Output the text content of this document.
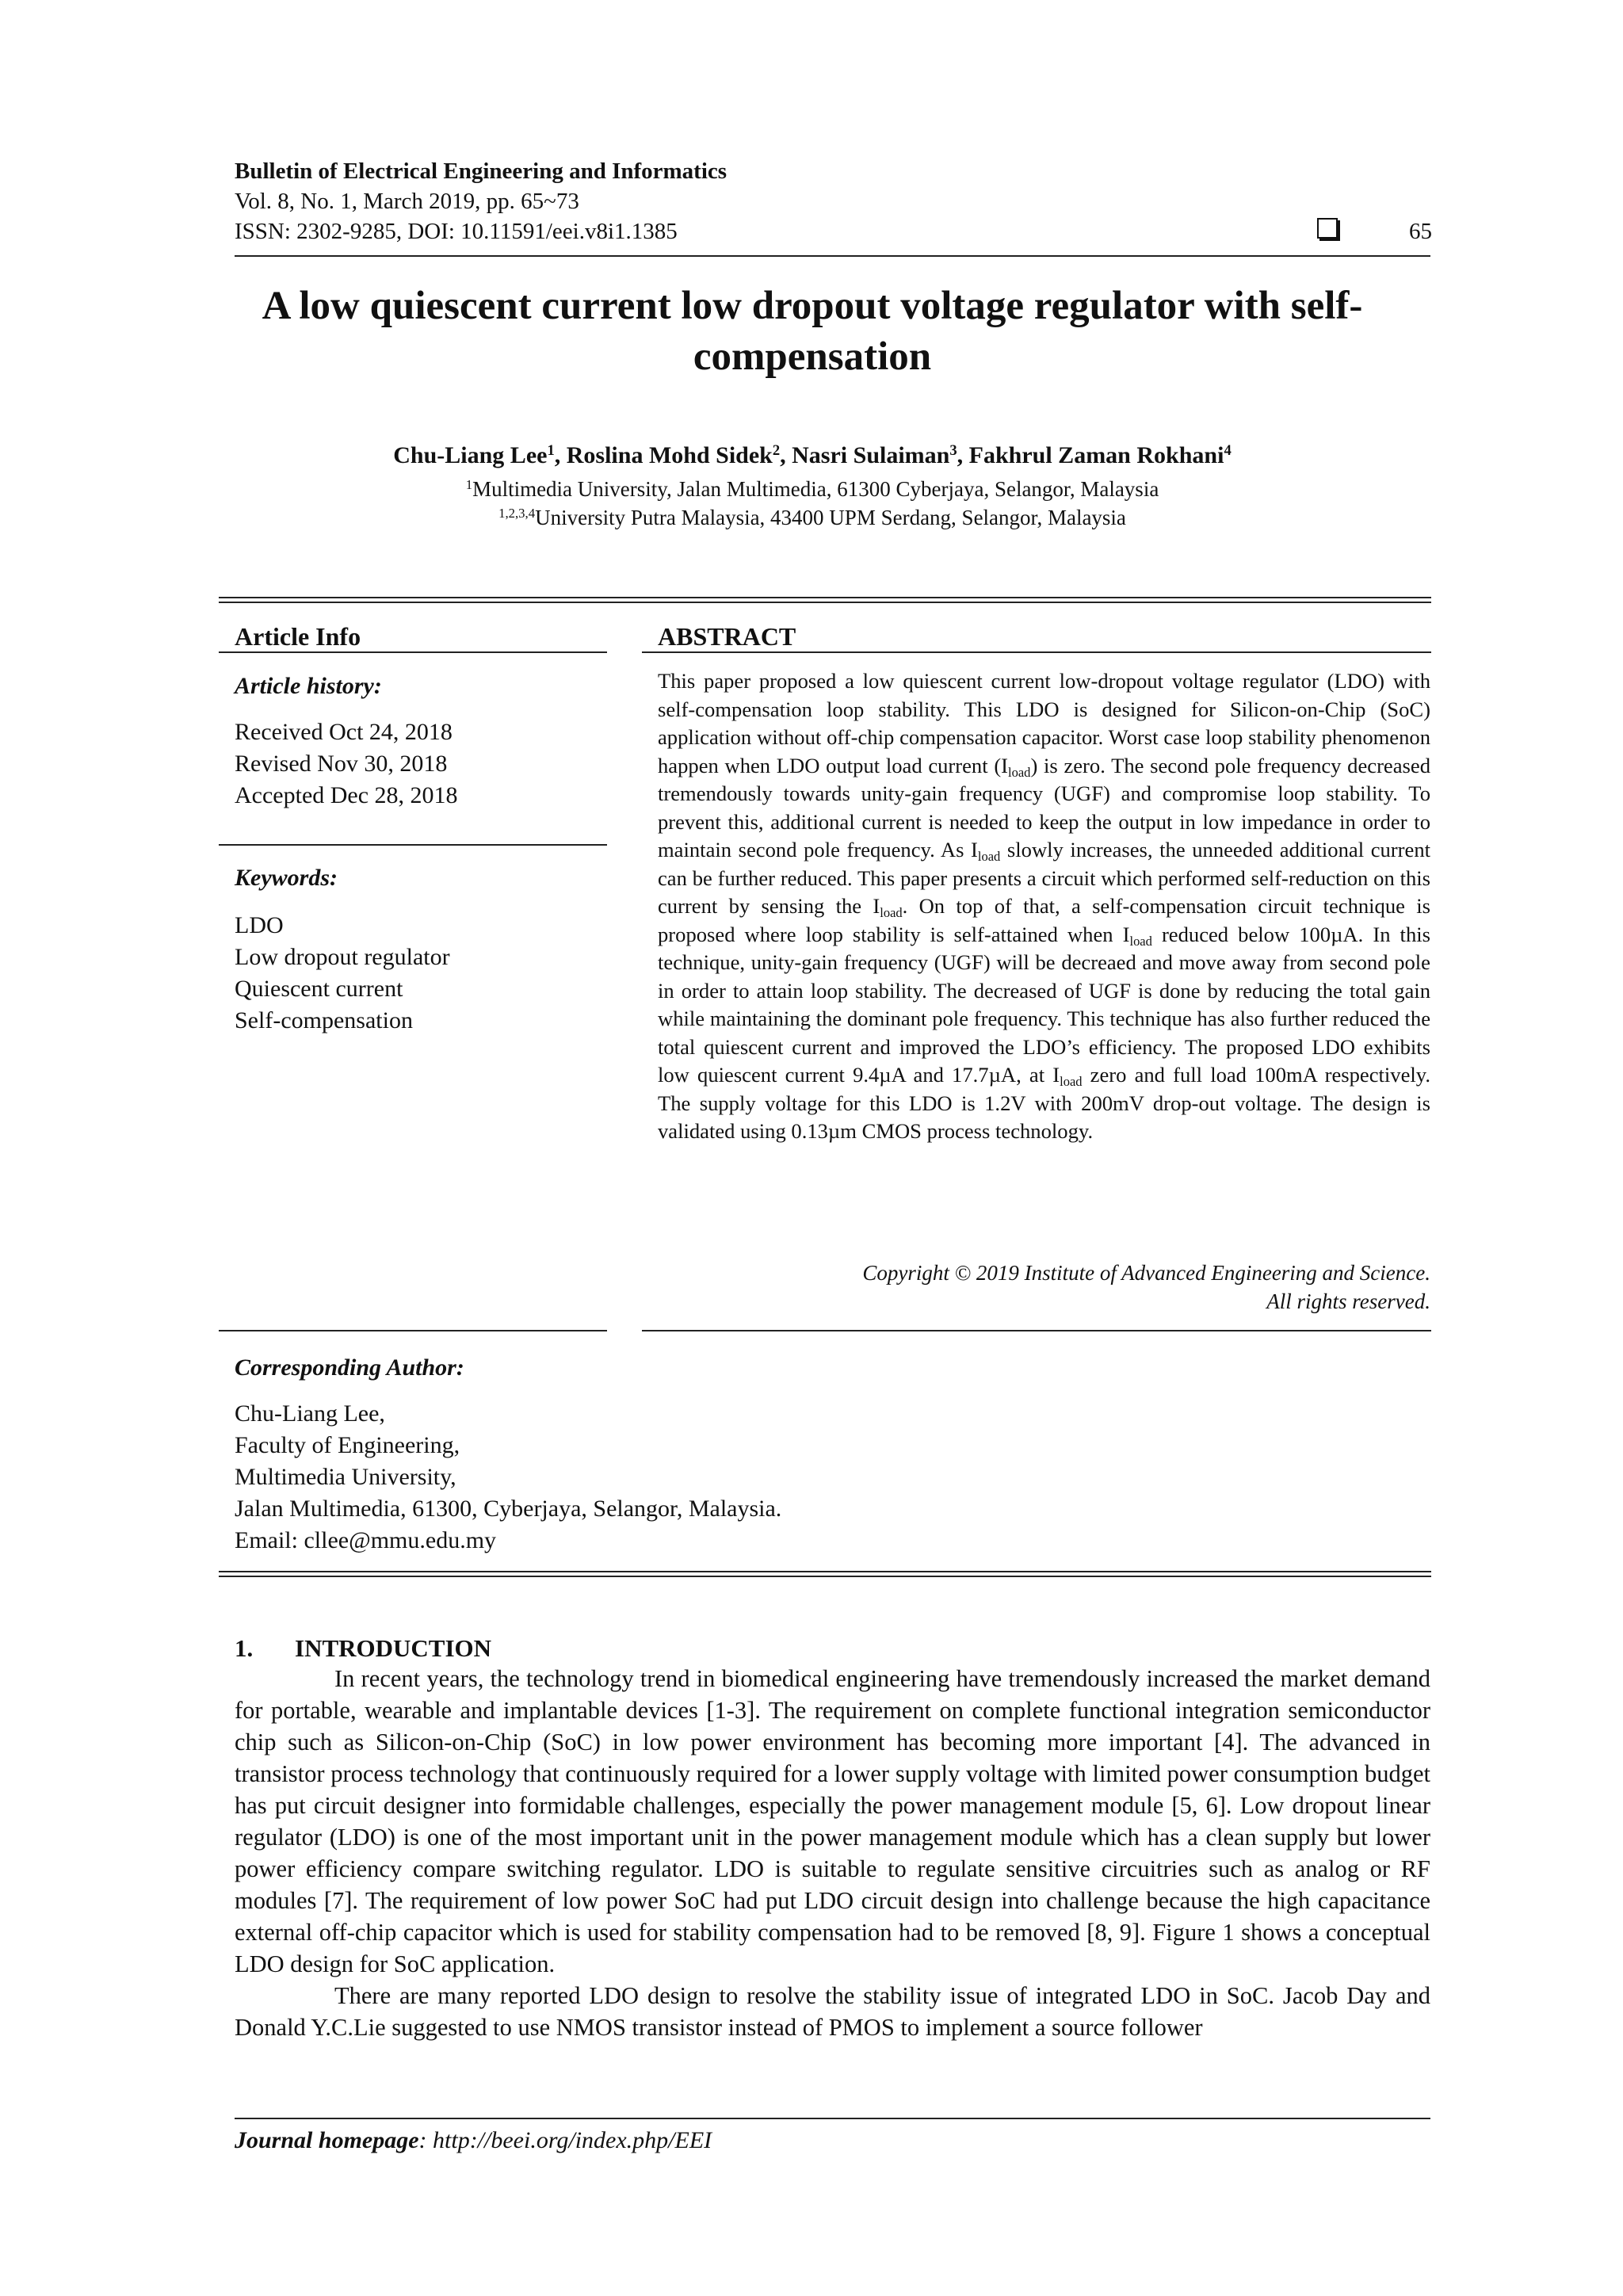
Bulletin of Electrical Engineering and Informatics
Vol. 8, No. 1, March 2019, pp. 65~73
ISSN: 2302-9285, DOI: 10.11591/eei.v8i1.1385	65
A low quiescent current low dropout voltage regulator with self-compensation
Chu-Liang Lee$^1$, Roslina Mohd Sidek$^2$, Nasri Sulaiman$^3$, Fakhrul Zaman Rokhani$^4$
$^1$Multimedia University, Jalan Multimedia, 61300 Cyberjaya, Selangor, Malaysia
$^{1,2,3,4}$University Putra Malaysia, 43400 UPM Serdang, Selangor, Malaysia
Article Info
Article history:
Received Oct 24, 2018
Revised Nov 30, 2018
Accepted Dec 28, 2018
Keywords:
LDO
Low dropout regulator
Quiescent current
Self-compensation
ABSTRACT
This paper proposed a low quiescent current low-dropout voltage regulator (LDO) with self-compensation loop stability. This LDO is designed for Silicon-on-Chip (SoC) application without off-chip compensation capacitor. Worst case loop stability phenomenon happen when LDO output load current $(I_{load})$ is zero. The second pole frequency decreased tremendously towards unity-gain frequency (UGF) and compromise loop stability. To prevent this, additional current is needed to keep the output in low impedance in order to maintain second pole frequency. As $I_{load}$ slowly increases, the unneeded additional current can be further reduced. This paper presents a circuit which performed self-reduction on this current by sensing the $I_{load}$. On top of that, a self-compensation circuit technique is proposed where loop stability is self-attained when $I_{load}$ reduced below 100µA. In this technique, unity-gain frequency (UGF) will be decreaed and move away from second pole in order to attain loop stability. The decreased of UGF is done by reducing the total gain while maintaining the dominant pole frequency. This technique has also further reduced the total quiescent current and improved the LDO’s efficiency. The proposed LDO exhibits low quiescent current 9.4µA and 17.7µA, at $I_{load}$ zero and full load 100mA respectively. The supply voltage for this LDO is 1.2V with 200mV drop-out voltage. The design is validated using 0.13µm CMOS process technology.
Copyright © 2019 Institute of Advanced Engineering and Science.
All rights reserved.
Corresponding Author:
Chu-Liang Lee,
Faculty of Engineering,
Multimedia University,
Jalan Multimedia, 61300, Cyberjaya, Selangor, Malaysia.
Email: cllee@mmu.edu.my
1. INTRODUCTION

In recent years, the technology trend in biomedical engineering have tremendously increased the market demand for portable, wearable and implantable devices [1-3]. The requirement on complete functional integration semiconductor chip such as Silicon-on-Chip (SoC) in low power environment has becoming more important [4]. The advanced in transistor process technology that continuously required for a lower supply voltage with limited power consumption budget has put circuit designer into formidable challenges, especially the power management module [5, 6]. Low dropout linear regulator (LDO) is one of the most important unit in the power management module which has a clean supply but lower power efficiency compare switching regulator. LDO is suitable to regulate sensitive circuitries such as analog or RF modules [7]. The requirement of low power SoC had put LDO circuit design into challenge because the high capacitance external off-chip capacitor which is used for stability compensation had to be removed [8, 9]. Figure 1 shows a conceptual LDO design for SoC application.

There are many reported LDO design to resolve the stability issue of integrated LDO in SoC. Jacob Day and Donald Y.C.Lie suggested to use NMOS transistor instead of PMOS to implement a source follower

Journal homepage: http://beei.org/index.php/EEI
